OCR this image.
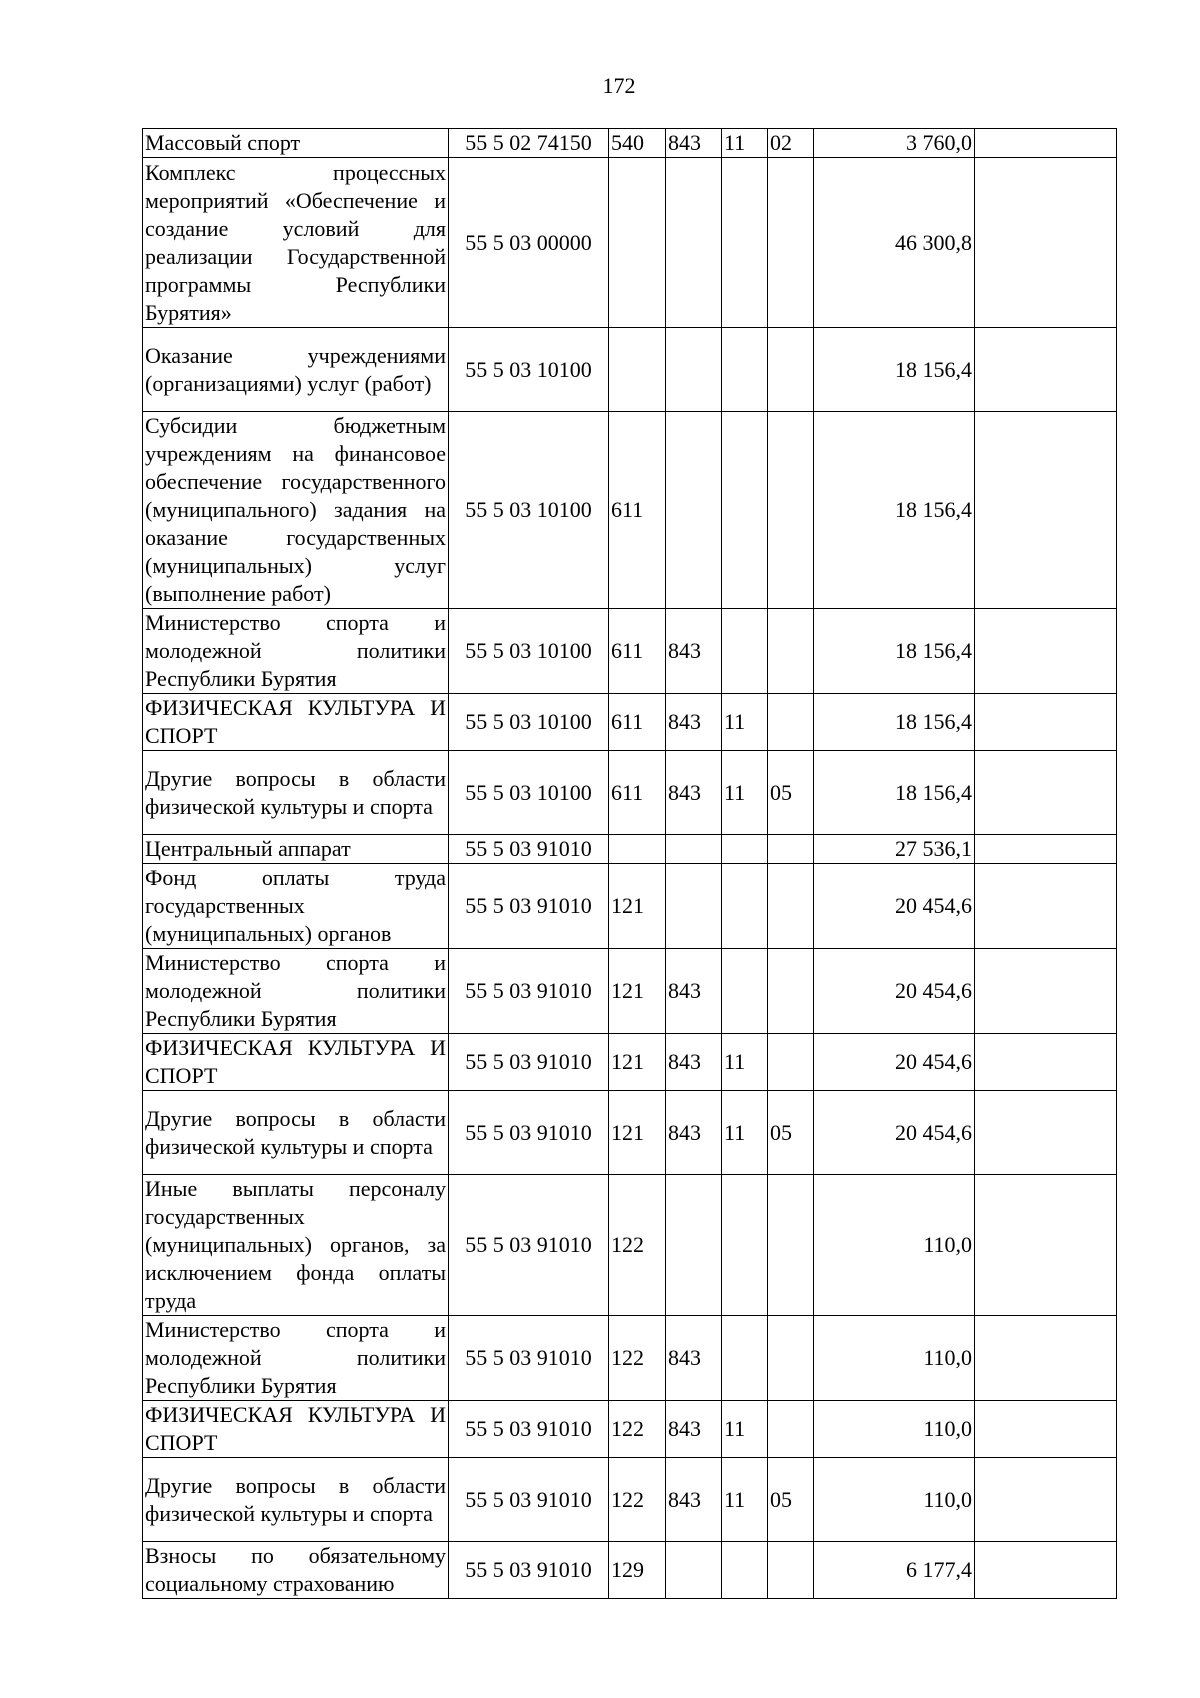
172
Массовый спорт	55 5 02 74150	540	843	11	02	3 760,0	
Комплекс процессных мероприятий «Обеспечение и создание условий для реализации Государственной программы Республики Бурятия»	55 5 03 00000					46 300,8	
Оказание учреждениями (организациями) услуг (работ)	55 5 03 10100					18 156,4	
Субсидии бюджетным учреждениям на финансовое обеспечение государственного (муниципального) задания на оказание государственных (муниципальных) услуг (выполнение работ)	55 5 03 10100	611				18 156,4	
Министерство спорта и молодежной политики Республики Бурятия	55 5 03 10100	611	843			18 156,4	
ФИЗИЧЕСКАЯ КУЛЬТУРА И СПОРТ	55 5 03 10100	611	843	11		18 156,4	
Другие вопросы в области физической культуры и спорта	55 5 03 10100	611	843	11	05	18 156,4	
Центральный аппарат	55 5 03 91010					27 536,1	
Фонд оплаты труда государственных (муниципальных) органов	55 5 03 91010	121				20 454,6	
Министерство спорта и молодежной политики Республики Бурятия	55 5 03 91010	121	843			20 454,6	
ФИЗИЧЕСКАЯ КУЛЬТУРА И СПОРТ	55 5 03 91010	121	843	11		20 454,6	
Другие вопросы в области физической культуры и спорта	55 5 03 91010	121	843	11	05	20 454,6	
Иные выплаты персоналу государственных (муниципальных) органов, за исключением фонда оплаты труда	55 5 03 91010	122				110,0	
Министерство спорта и молодежной политики Республики Бурятия	55 5 03 91010	122	843			110,0	
ФИЗИЧЕСКАЯ КУЛЬТУРА И СПОРТ	55 5 03 91010	122	843	11		110,0	
Другие вопросы в области физической культуры и спорта	55 5 03 91010	122	843	11	05	110,0	
Взносы по обязательному социальному страхованию	55 5 03 91010	129				6 177,4	
